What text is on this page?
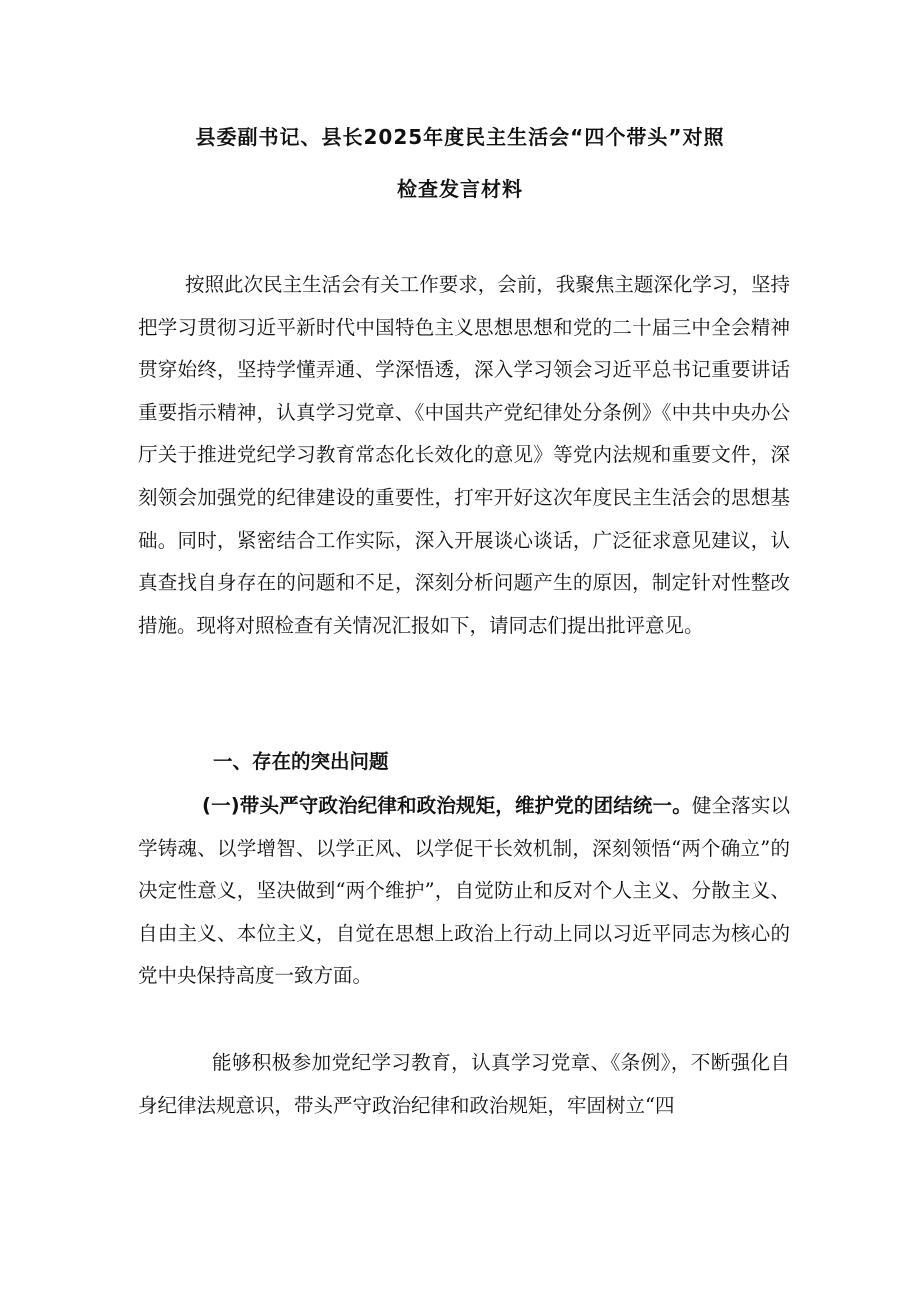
县委副书记、县长2025年度民主生活会“四个带头”对照
检查发言材料

按照此次民主生活会有关工作要求，会前，我聚焦主题深化学习，坚持把学习贯彻习近平新时代中国特色主义思想思想和党的二十届三中全会精神贯穿始终，坚持学懂弄通、学深悟透，深入学习领会习近平总书记重要讲话重要指示精神，认真学习党章、《中国共产党纪律处分条例》《中共中央办公厅关于推进党纪学习教育常态化长效化的意见》等党内法规和重要文件，深刻领会加强党的纪律建设的重要性，打牢开好这次年度民主生活会的思想基础。同时，紧密结合工作实际，深入开展谈心谈话，广泛征求意见建议，认真查找自身存在的问题和不足，深刻分析问题产生的原因，制定针对性整改措施。现将对照检查有关情况汇报如下，请同志们提出批评意见。

一、存在的突出问题

(一)带头严守政治纪律和政治规矩，维护党的团结统一。健全落实以学铸魂、以学增智、以学正风、以学促干长效机制，深刻领悟“两个确立”的决定性意义，坚决做到“两个维护”，自觉防止和反对个人主义、分散主义、自由主义、本位主义，自觉在思想上政治上行动上同以习近平同志为核心的党中央保持高度一致方面。

能够积极参加党纪学习教育，认真学习党章、《条例》，不断强化自身纪律法规意识，带头严守政治纪律和政治规矩，牢固树立“四
